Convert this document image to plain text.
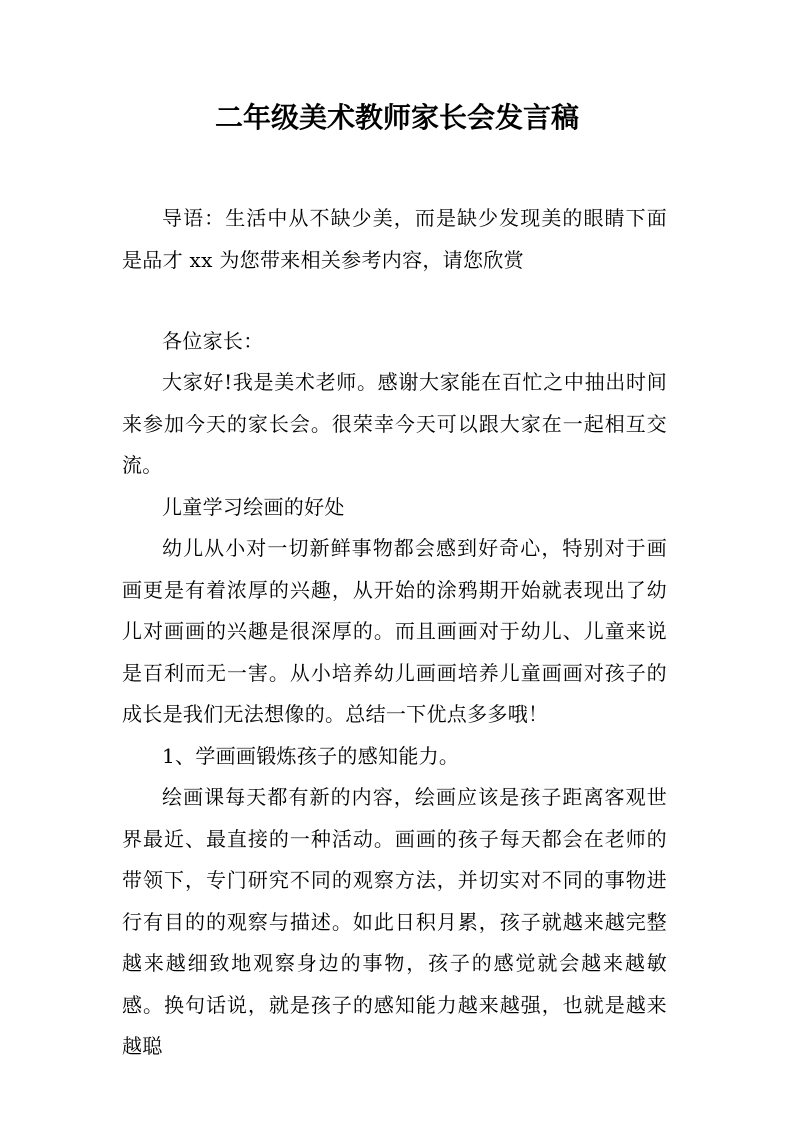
二年级美术教师家长会发言稿

导语：生活中从不缺少美，而是缺少发现美的眼睛下面是品才 xx 为您带来相关参考内容，请您欣赏

各位家长：

大家好!我是美术老师。感谢大家能在百忙之中抽出时间来参加今天的家长会。很荣幸今天可以跟大家在一起相互交流。

儿童学习绘画的好处

幼儿从小对一切新鲜事物都会感到好奇心，特别对于画画更是有着浓厚的兴趣，从开始的涂鸦期开始就表现出了幼儿对画画的兴趣是很深厚的。而且画画对于幼儿、儿童来说是百利而无一害。从小培养幼儿画画培养儿童画画对孩子的成长是我们无法想像的。总结一下优点多多哦！

1、学画画锻炼孩子的感知能力。

绘画课每天都有新的内容，绘画应该是孩子距离客观世界最近、最直接的一种活动。画画的孩子每天都会在老师的带领下，专门研究不同的观察方法，并切实对不同的事物进行有目的的观察与描述。如此日积月累，孩子就越来越完整越来越细致地观察身边的事物，孩子的感觉就会越来越敏感。换句话说，就是孩子的感知能力越来越强，也就是越来越聪
